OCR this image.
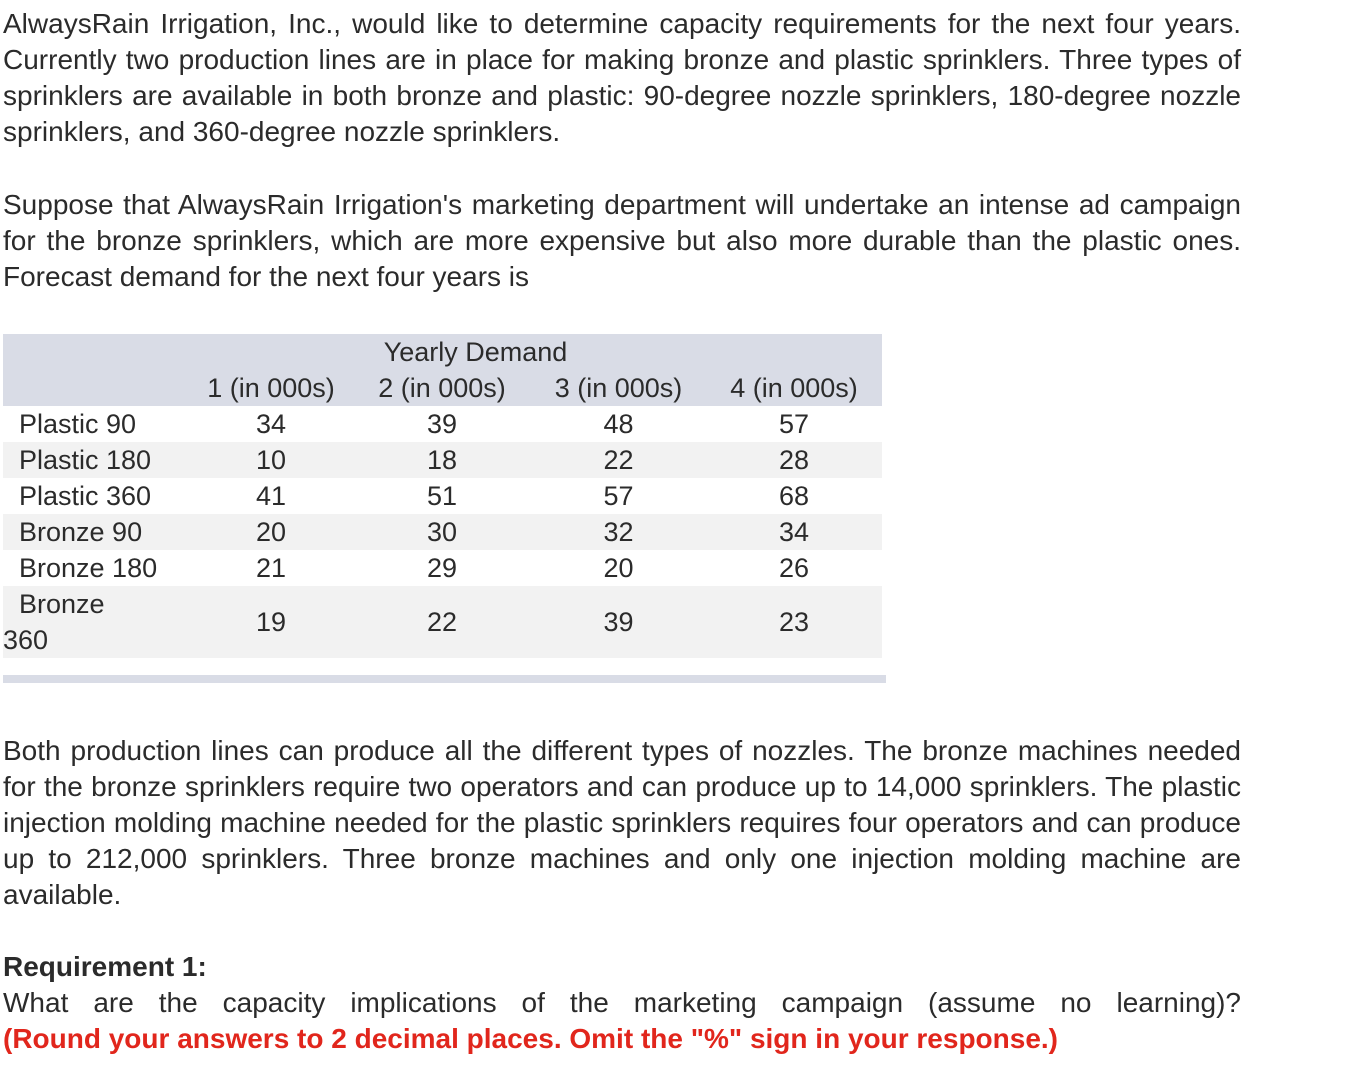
AlwaysRain Irrigation, Inc., would like to determine capacity requirements for the next four years. Currently two production lines are in place for making bronze and plastic sprinklers. Three types of sprinklers are available in both bronze and plastic: 90-degree nozzle sprinklers, 180-degree nozzle sprinklers, and 360-degree nozzle sprinklers.

Suppose that AlwaysRain Irrigation's marketing department will undertake an intense ad campaign for the bronze sprinklers, which are more expensive but also more durable than the plastic ones. Forecast demand for the next four years is

	Yearly Demand			
	1 (in 000s)	2 (in 000s)	3 (in 000s)	4 (in 000s)
Plastic 90	34	39	48	57
Plastic 180	10	18	22	28
Plastic 360	41	51	57	68
Bronze 90	20	30	32	34
Bronze 180	21	29	20	26

Bronze
360	19	22	39	23

Both production lines can produce all the different types of nozzles. The bronze machines needed for the bronze sprinklers require two operators and can produce up to 14,000 sprinklers. The plastic injection molding machine needed for the plastic sprinklers requires four operators and can produce up to 212,000 sprinklers. Three bronze machines and only one injection molding machine are available.

Requirement 1:
What are the capacity implications of the marketing campaign (assume no learning)?
(Round your answers to 2 decimal places. Omit the "%" sign in your response.)
